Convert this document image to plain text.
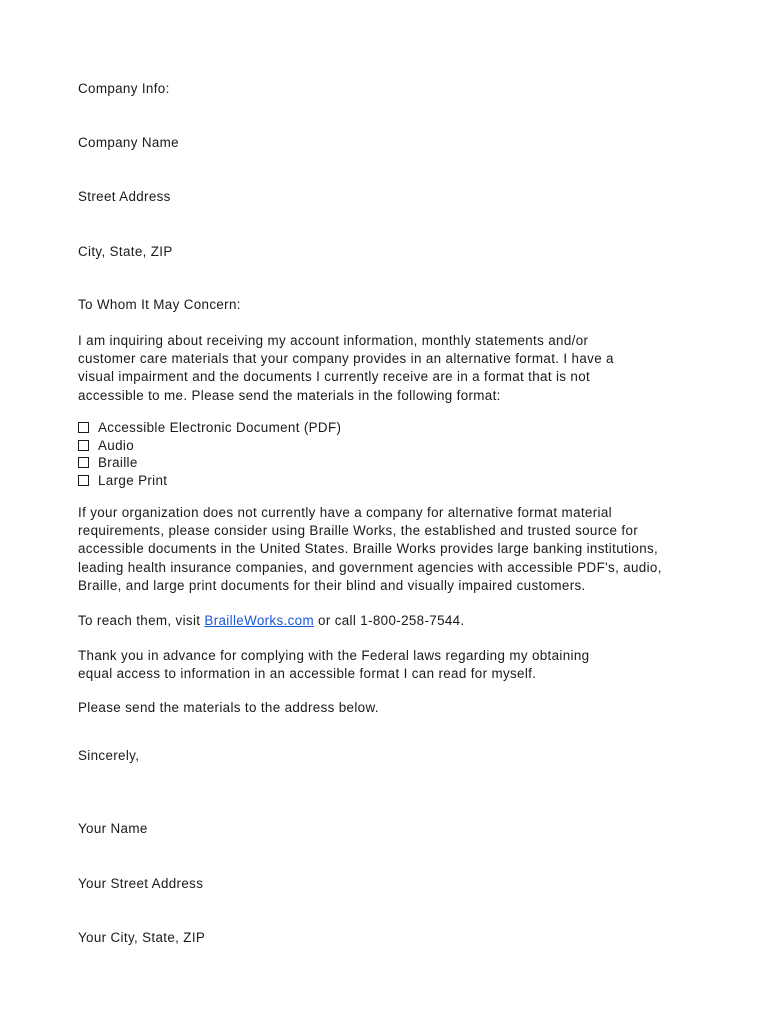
Company Info:
Company Name
Street Address
City, State, ZIP
To Whom It May Concern:
I am inquiring about receiving my account information, monthly statements and/or
customer care materials that your company provides in an alternative format. I have a
visual impairment and the documents I currently receive are in a format that is not
accessible to me. Please send the materials in the following format:
Accessible Electronic Document (PDF)
Audio
Braille
Large Print
If your organization does not currently have a company for alternative format material
requirements, please consider using Braille Works, the established and trusted source for
accessible documents in the United States. Braille Works provides large banking institutions,
leading health insurance companies, and government agencies with accessible PDF's, audio,
Braille, and large print documents for their blind and visually impaired customers.
To reach them, visit BrailleWorks.com or call 1-800-258-7544.
Thank you in advance for complying with the Federal laws regarding my obtaining
equal access to information in an accessible format I can read for myself.
Please send the materials to the address below.
Sincerely,
Your Name
Your Street Address
Your City, State, ZIP
